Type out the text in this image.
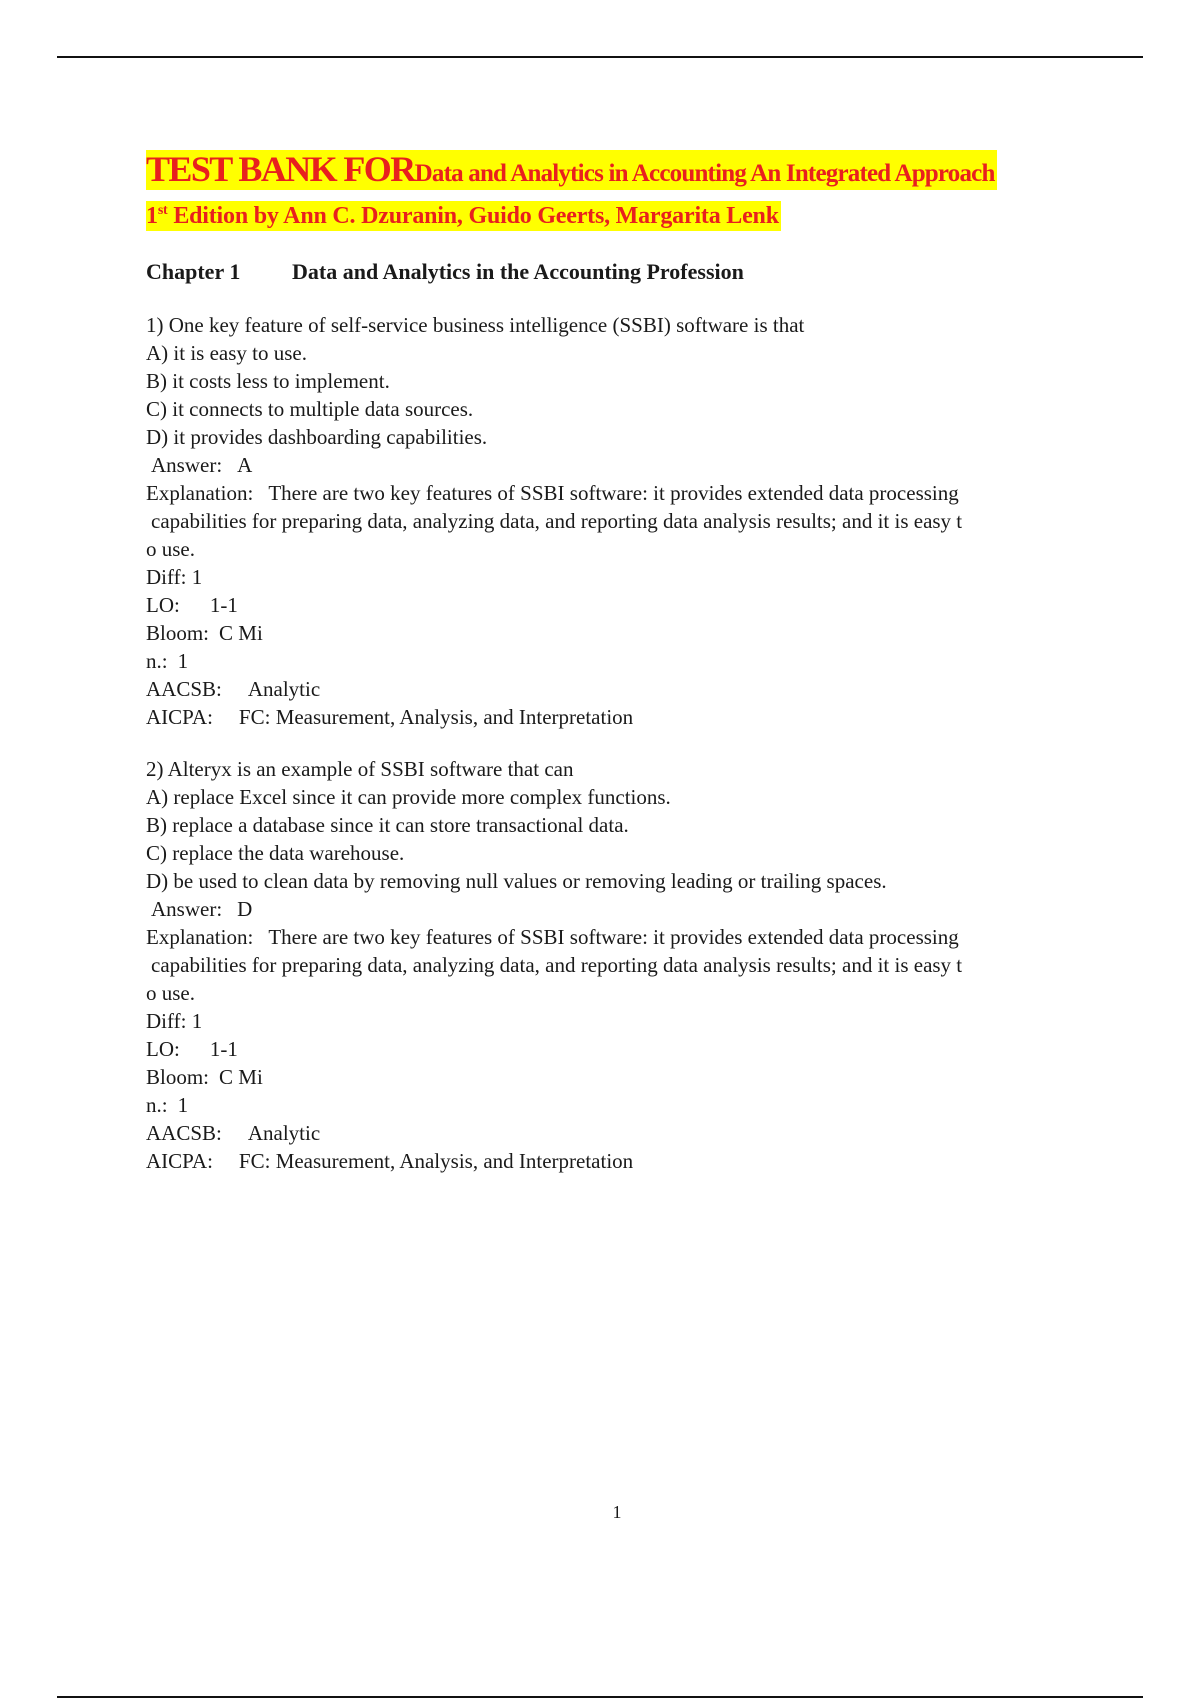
TEST BANK FORData and Analytics in Accounting An Integrated Approach
1st Edition by Ann C. Dzuranin, Guido Geerts, Margarita Lenk
Chapter 1 Data and Analytics in the Accounting Profession
1) One key feature of self-service business intelligence (SSBI) software is that
A) it is easy to use.
B) it costs less to implement.
C) it connects to multiple data sources.
D) it provides dashboarding capabilities.
Answer: A
Explanation: There are two key features of SSBI software: it provides extended data processing
capabilities for preparing data, analyzing data, and reporting data analysis results; and it is easy t
o use.
Diff: 1
LO: 1-1
Bloom: C Mi
n.: 1
AACSB: Analytic
AICPA: FC: Measurement, Analysis, and Interpretation
2) Alteryx is an example of SSBI software that can
A) replace Excel since it can provide more complex functions.
B) replace a database since it can store transactional data.
C) replace the data warehouse.
D) be used to clean data by removing null values or removing leading or trailing spaces.
Answer: D
Explanation: There are two key features of SSBI software: it provides extended data processing
capabilities for preparing data, analyzing data, and reporting data analysis results; and it is easy t
o use.
Diff: 1
LO: 1-1
Bloom: C Mi
n.: 1
AACSB: Analytic
AICPA: FC: Measurement, Analysis, and Interpretation
1
